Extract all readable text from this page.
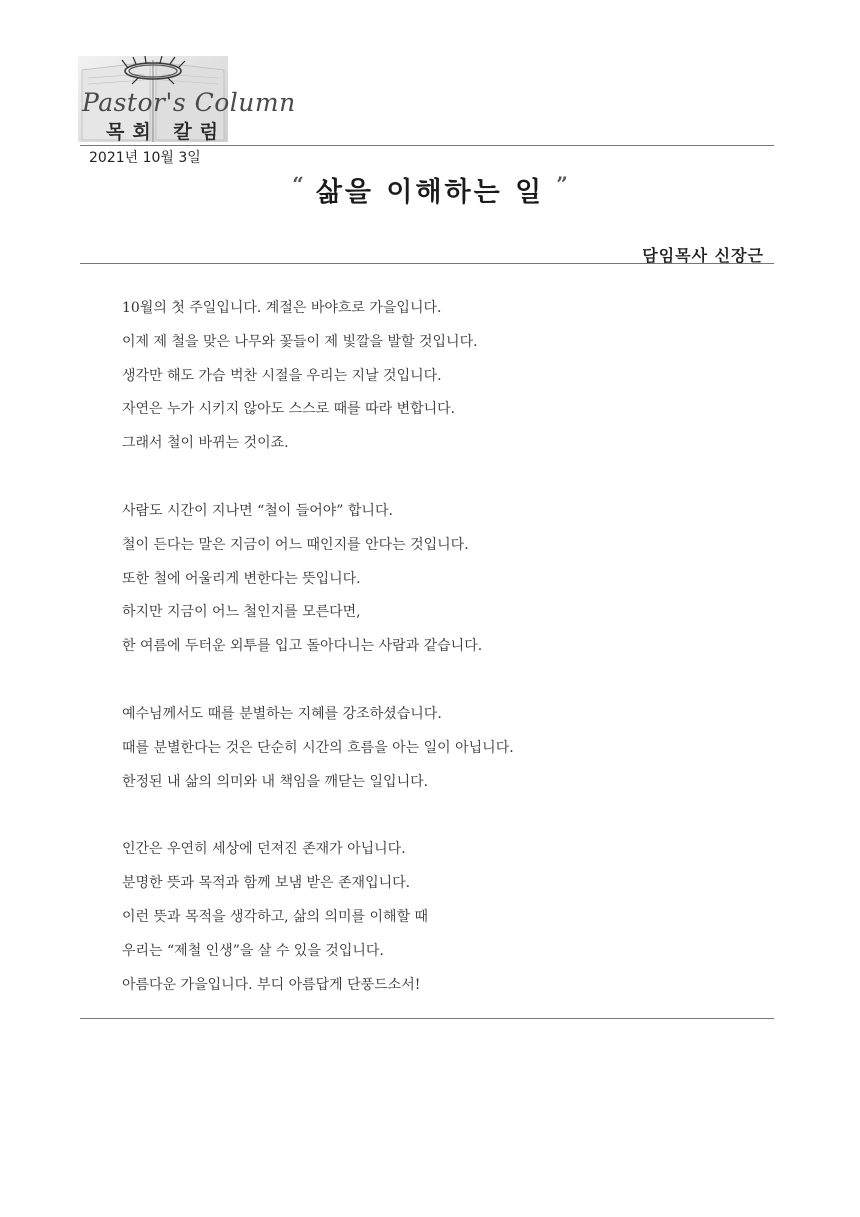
Pastor's Column
목회 칼럼
2021년 10월 3일
“ 삶을 이해하는 일 ”
담임목사 신장근
10월의 첫 주일입니다. 계절은 바야흐로 가을입니다.
이제 제 철을 맞은 나무와 꽃들이 제 빛깔을 발할 것입니다.
생각만 해도 가슴 벅찬 시절을 우리는 지날 것입니다.
자연은 누가 시키지 않아도 스스로 때를 따라 변합니다.
그래서 철이 바뀌는 것이죠.
사람도 시간이 지나면 “철이 들어야” 합니다.
철이 든다는 말은 지금이 어느 때인지를 안다는 것입니다.
또한 철에 어울리게 변한다는 뜻입니다.
하지만 지금이 어느 철인지를 모른다면,
한 여름에 두터운 외투를 입고 돌아다니는 사람과 같습니다.
예수님께서도 때를 분별하는 지혜를 강조하셨습니다.
때를 분별한다는 것은 단순히 시간의 흐름을 아는 일이 아닙니다.
한정된 내 삶의 의미와 내 책임을 깨닫는 일입니다.
인간은 우연히 세상에 던져진 존재가 아닙니다.
분명한 뜻과 목적과 함께 보냄 받은 존재입니다.
이런 뜻과 목적을 생각하고, 삶의 의미를 이해할 때
우리는 “제철 인생”을 살 수 있을 것입니다.
아름다운 가을입니다. 부디 아름답게 단풍드소서!
